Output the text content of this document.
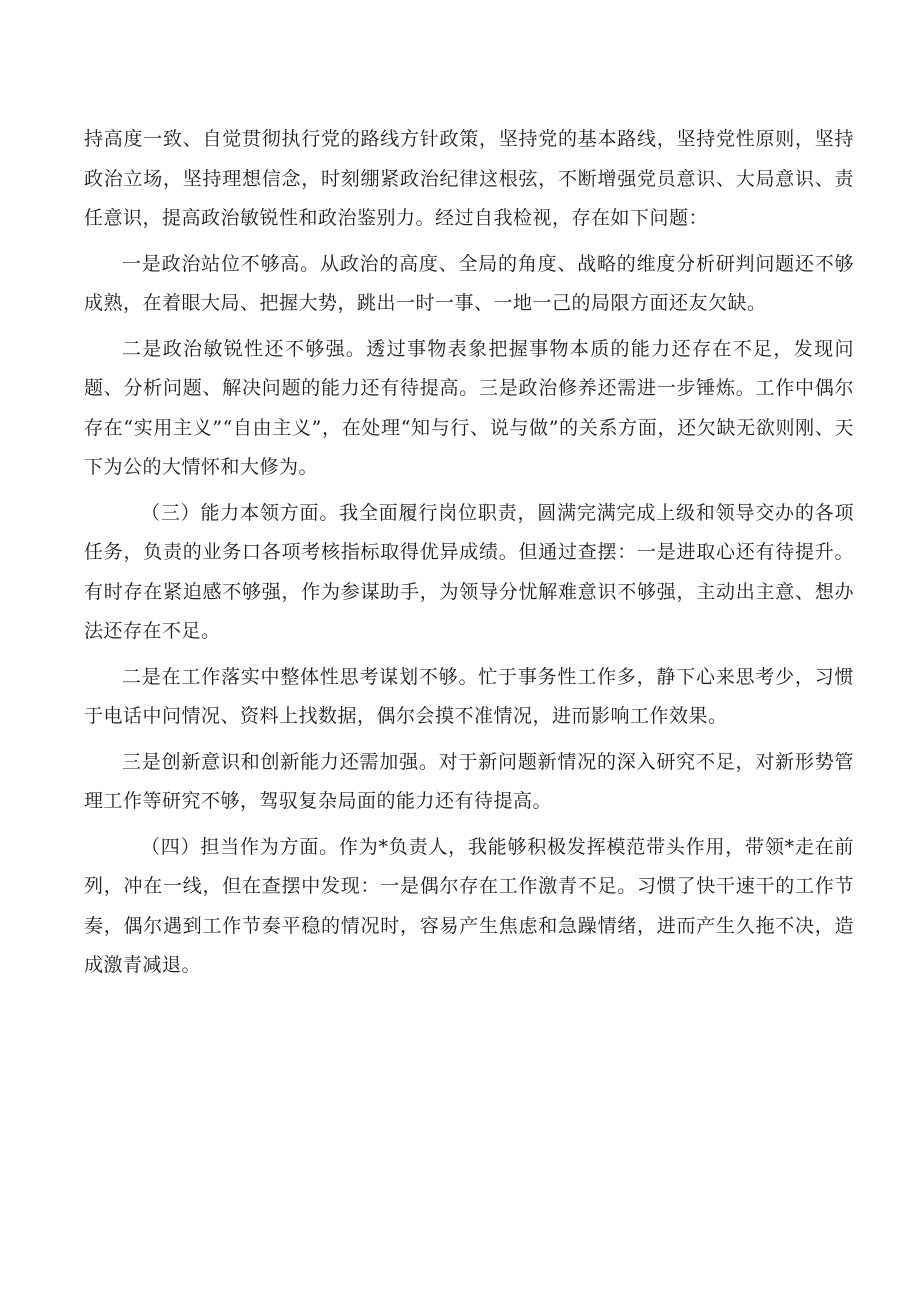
持高度一致、自觉贯彻执行党的路线方针政策，坚持党的基本路线，坚持党性原则，坚持政治立场，坚持理想信念，时刻绷紧政治纪律这根弦，不断增强党员意识、大局意识、责任意识，提高政治敏锐性和政治鉴别力。经过自我检视，存在如下问题：

一是政治站位不够高。从政治的高度、全局的角度、战略的维度分析研判问题还不够成熟，在着眼大局、把握大势，跳出一时一事、一地一己的局限方面还友欠缺。

二是政治敏锐性还不够强。透过事物表象把握事物本质的能力还存在不足，发现问题、分析问题、解决问题的能力还有待提高。三是政治修养还需进一步锤炼。工作中偶尔存在“实用主义”“自由主义”，在处理“知与行、说与做”的关系方面，还欠缺无欲则刚、天下为公的大情怀和大修为。

（三）能力本领方面。我全面履行岗位职责，圆满完满完成上级和领导交办的各项任务，负责的业务口各项考核指标取得优异成绩。但通过查摆：一是进取心还有待提升。有时存在紧迫感不够强，作为参谋助手，为领导分忧解难意识不够强，主动出主意、想办法还存在不足。

二是在工作落实中整体性思考谋划不够。忙于事务性工作多，静下心来思考少，习惯于电话中问情况、资料上找数据，偶尔会摸不准情况，进而影响工作效果。

三是创新意识和创新能力还需加强。对于新问题新情况的深入研究不足，对新形势管理工作等研究不够，驾驭复杂局面的能力还有待提高。

（四）担当作为方面。作为*负责人，我能够积极发挥模范带头作用，带领*走在前列，冲在一线，但在查摆中发现：一是偶尔存在工作激青不足。习惯了快干速干的工作节奏，偶尔遇到工作节奏平稳的情况时，容易产生焦虑和急躁情绪，进而产生久拖不决，造成激青减退。
